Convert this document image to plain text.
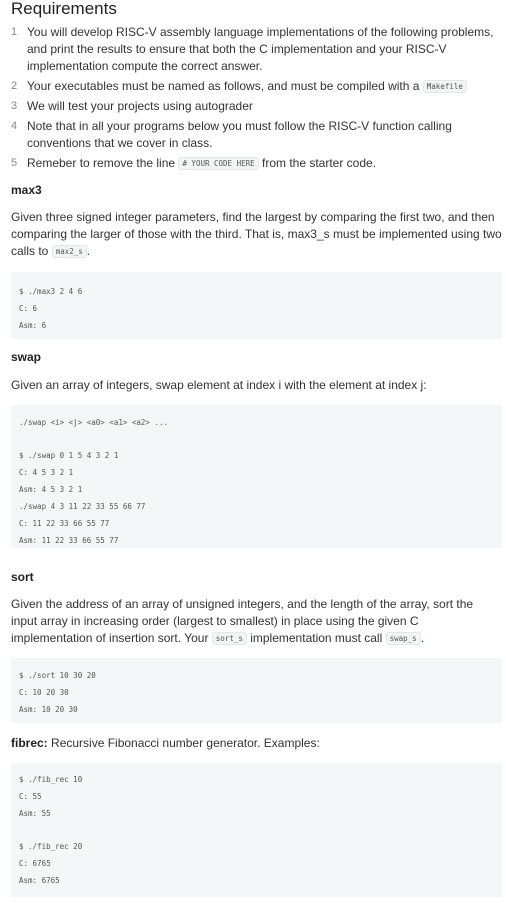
Requirements
1 You will develop RISC-V assembly language implementations of the following problems, and print the results to ensure that both the C implementation and your RISC-V implementation compute the correct answer.
2 Your executables must be named as follows, and must be compiled with a Makefile
3 We will test your projects using autograder
4 Note that in all your programs below you must follow the RISC-V function calling conventions that we cover in class.
5 Remeber to remove the line # YOUR CODE HERE from the starter code.
max3

Given three signed integer parameters, find the largest by comparing the first two, and then comparing the larger of those with the third. That is, max3_s must be implemented using two calls to max2_s .

$ ./max3 2 4 6
C: 6
Asm: 6
swap

Given an array of integers, swap element at index i with the element at index j:

./swap <i> <j> <a0> <a1> <a2> ...
$ ./swap 0 1 5 4 3 2 1
C: 4 5 3 2 1
Asm: 4 5 3 2 1
./swap 4 3 11 22 33 55 66 77
C: 11 22 33 66 55 77
Asm: 11 22 33 66 55 77
sort

Given the address of an array of unsigned integers, and the length of the array, sort the input array in increasing order (largest to smallest) in place using the given C implementation of insertion sort. Your sort_s implementation must call swap_s .

$ ./sort 10 30 20
C: 10 20 30
Asm: 10 20 30

fibrec: Recursive Fibonacci number generator. Examples:

$ ./fib_rec 10
C: 55
Asm: 55
$ ./fib_rec 20
C: 6765
Asm: 6765
